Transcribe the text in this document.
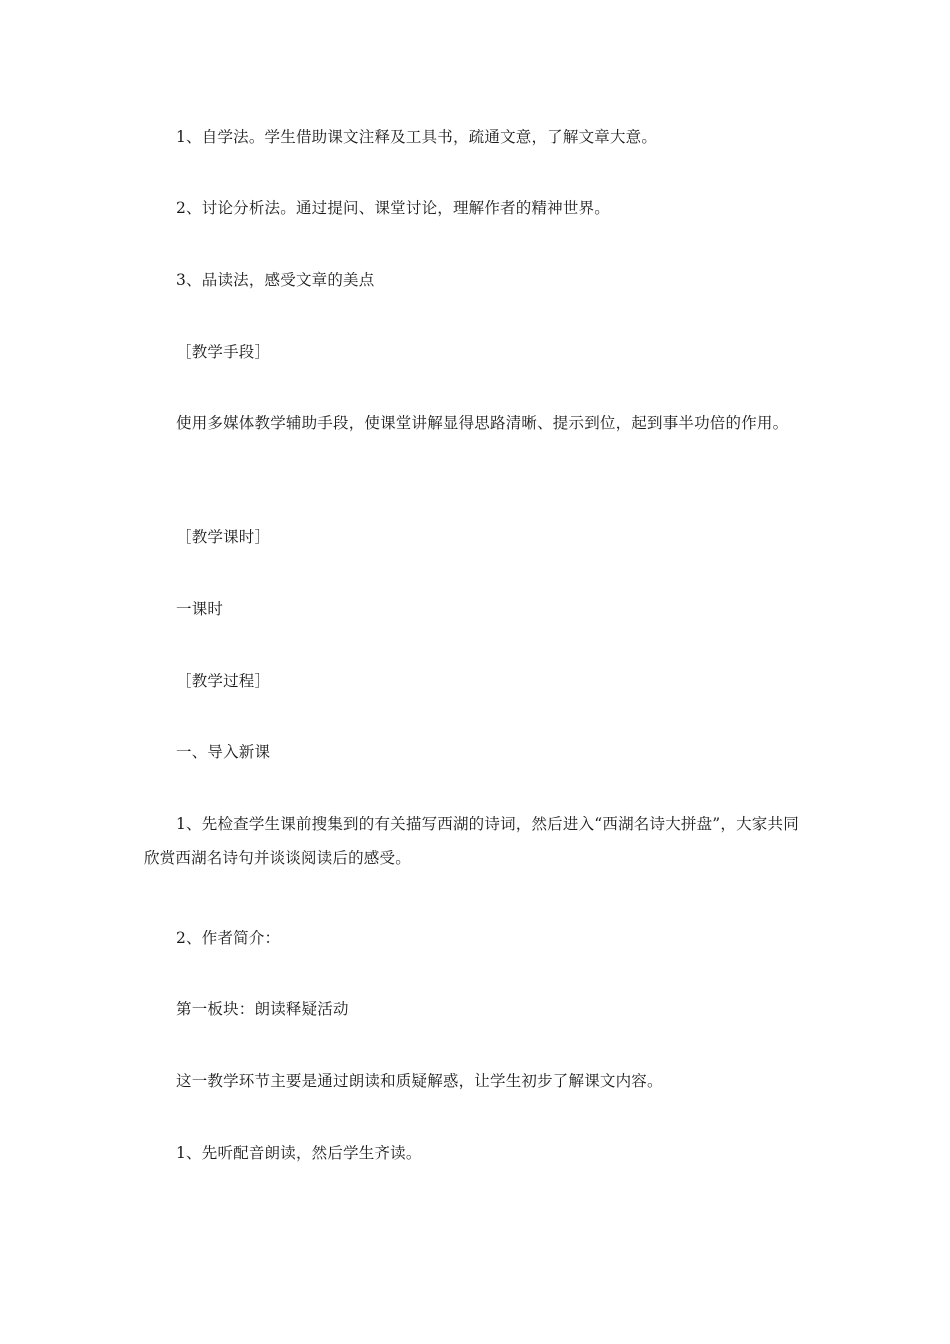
1、自学法。学生借助课文注释及工具书，疏通文意，了解文章大意。

2、讨论分析法。通过提问、课堂讨论，理解作者的精神世界。

3、品读法，感受文章的美点

［教学手段］

使用多媒体教学辅助手段，使课堂讲解显得思路清晰、提示到位，起到事半功倍的作用。

［教学课时］

一课时

［教学过程］

一、导入新课

1、先检查学生课前搜集到的有关描写西湖的诗词，然后进入“西湖名诗大拼盘”，大家共同欣赏西湖名诗句并谈谈阅读后的感受。

2、作者简介：

第一板块：朗读释疑活动

这一教学环节主要是通过朗读和质疑解惑，让学生初步了解课文内容。

1、先听配音朗读，然后学生齐读。
